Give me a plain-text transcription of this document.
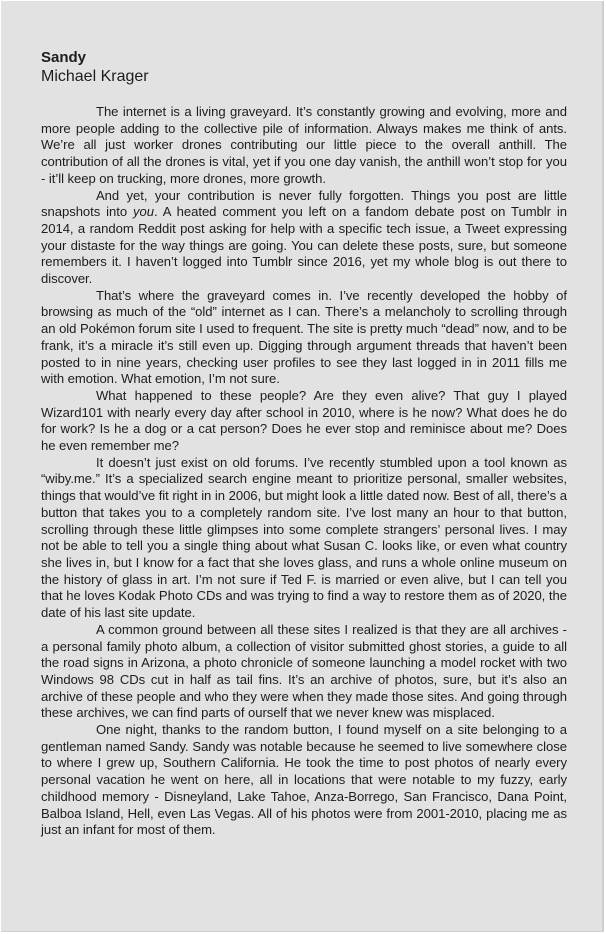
Sandy
Michael Krager

The internet is a living graveyard. It’s constantly growing and evolving, more and more people adding to the collective pile of information. Always makes me think of ants. We’re all just worker drones contributing our little piece to the overall anthill. The contribution of all the drones is vital, yet if you one day vanish, the anthill won’t stop for you - it’ll keep on trucking, more drones, more growth.

And yet, your contribution is never fully forgotten. Things you post are little snapshots into you. A heated comment you left on a fandom debate post on Tumblr in 2014, a random Reddit post asking for help with a specific tech issue, a Tweet expressing your distaste for the way things are going. You can delete these posts, sure, but someone remembers it. I haven’t logged into Tumblr since 2016, yet my whole blog is out there to discover.

That’s where the graveyard comes in. I’ve recently developed the hobby of browsing as much of the “old” internet as I can. There’s a melancholy to scrolling through an old Pokémon forum site I used to frequent. The site is pretty much “dead” now, and to be frank, it’s a miracle it’s still even up. Digging through argument threads that haven’t been posted to in nine years, checking user profiles to see they last logged in in 2011 fills me with emotion. What emotion, I’m not sure.

What happened to these people? Are they even alive? That guy I played Wizard101 with nearly every day after school in 2010, where is he now? What does he do for work? Is he a dog or a cat person? Does he ever stop and reminisce about me? Does he even remember me?

It doesn’t just exist on old forums. I’ve recently stumbled upon a tool known as “wiby.me.” It’s a specialized search engine meant to prioritize personal, smaller websites, things that would’ve fit right in in 2006, but might look a little dated now. Best of all, there’s a button that takes you to a completely random site. I’ve lost many an hour to that button, scrolling through these little glimpses into some complete strangers’ personal lives. I may not be able to tell you a single thing about what Susan C. looks like, or even what country she lives in, but I know for a fact that she loves glass, and runs a whole online museum on the history of glass in art. I’m not sure if Ted F. is married or even alive, but I can tell you that he loves Kodak Photo CDs and was trying to find a way to restore them as of 2020, the date of his last site update.

A common ground between all these sites I realized is that they are all archives - a personal family photo album, a collection of visitor submitted ghost stories, a guide to all the road signs in Arizona, a photo chronicle of someone launching a model rocket with two Windows 98 CDs cut in half as tail fins. It’s an archive of photos, sure, but it’s also an archive of these people and who they were when they made those sites. And going through these archives, we can find parts of ourself that we never knew was misplaced.

One night, thanks to the random button, I found myself on a site belonging to a gentleman named Sandy. Sandy was notable because he seemed to live somewhere close to where I grew up, Southern California. He took the time to post photos of nearly every personal vacation he went on here, all in locations that were notable to my fuzzy, early childhood memory - Disneyland, Lake Tahoe, Anza-Borrego, San Francisco, Dana Point, Balboa Island, Hell, even Las Vegas. All of his photos were from 2001-2010, placing me as just an infant for most of them.
